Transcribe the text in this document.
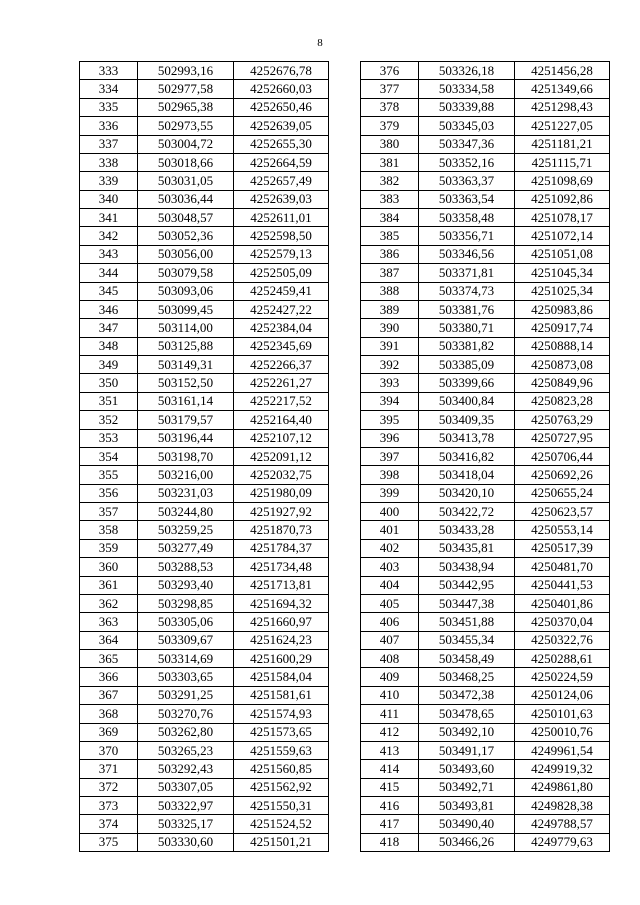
8
333	502993,16	4252676,78
334	502977,58	4252660,03
335	502965,38	4252650,46
336	502973,55	4252639,05
337	503004,72	4252655,30
338	503018,66	4252664,59
339	503031,05	4252657,49
340	503036,44	4252639,03
341	503048,57	4252611,01
342	503052,36	4252598,50
343	503056,00	4252579,13
344	503079,58	4252505,09
345	503093,06	4252459,41
346	503099,45	4252427,22
347	503114,00	4252384,04
348	503125,88	4252345,69
349	503149,31	4252266,37
350	503152,50	4252261,27
351	503161,14	4252217,52
352	503179,57	4252164,40
353	503196,44	4252107,12
354	503198,70	4252091,12
355	503216,00	4252032,75
356	503231,03	4251980,09
357	503244,80	4251927,92
358	503259,25	4251870,73
359	503277,49	4251784,37
360	503288,53	4251734,48
361	503293,40	4251713,81
362	503298,85	4251694,32
363	503305,06	4251660,97
364	503309,67	4251624,23
365	503314,69	4251600,29
366	503303,65	4251584,04
367	503291,25	4251581,61
368	503270,76	4251574,93
369	503262,80	4251573,65
370	503265,23	4251559,63
371	503292,43	4251560,85
372	503307,05	4251562,92
373	503322,97	4251550,31
374	503325,17	4251524,52
375	503330,60	4251501,21
376	503326,18	4251456,28
377	503334,58	4251349,66
378	503339,88	4251298,43
379	503345,03	4251227,05
380	503347,36	4251181,21
381	503352,16	4251115,71
382	503363,37	4251098,69
383	503363,54	4251092,86
384	503358,48	4251078,17
385	503356,71	4251072,14
386	503346,56	4251051,08
387	503371,81	4251045,34
388	503374,73	4251025,34
389	503381,76	4250983,86
390	503380,71	4250917,74
391	503381,82	4250888,14
392	503385,09	4250873,08
393	503399,66	4250849,96
394	503400,84	4250823,28
395	503409,35	4250763,29
396	503413,78	4250727,95
397	503416,82	4250706,44
398	503418,04	4250692,26
399	503420,10	4250655,24
400	503422,72	4250623,57
401	503433,28	4250553,14
402	503435,81	4250517,39
403	503438,94	4250481,70
404	503442,95	4250441,53
405	503447,38	4250401,86
406	503451,88	4250370,04
407	503455,34	4250322,76
408	503458,49	4250288,61
409	503468,25	4250224,59
410	503472,38	4250124,06
411	503478,65	4250101,63
412	503492,10	4250010,76
413	503491,17	4249961,54
414	503493,60	4249919,32
415	503492,71	4249861,80
416	503493,81	4249828,38
417	503490,40	4249788,57
418	503466,26	4249779,63
